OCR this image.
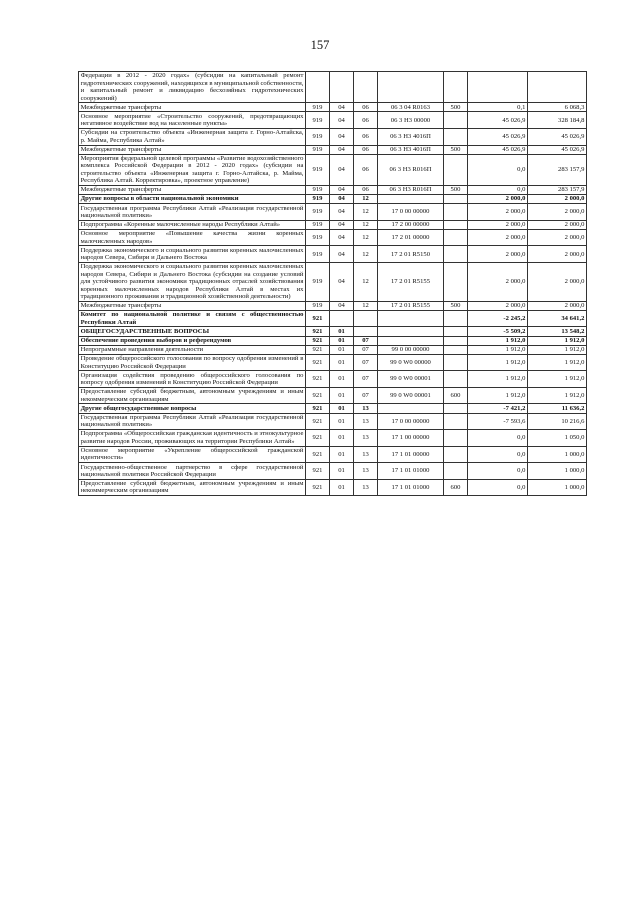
157
Федерации в 2012 - 2020 годах» (субсидии на капитальный ремонт гидротехнических сооружений, находящихся в муниципальной собственности, и капитальный ремонт и ликвидацию бесхозяйных гидротехнических сооружений)							
Межбюджетные трансферты	919	04	06	06 3 04 R0163	500	0,1	6 068,3
Основное мероприятие «Строительство сооружений, предотвращающих негативное воздействие вод на населенные пункты»	919	04	06	06 3 Н3 00000		45 026,9	328 184,8
Субсидии на строительство объекта «Инженерная защита г. Горно-Алтайска, р. Майма, Республика Алтай»	919	04	06	06 3 Н3 4016П		45 026,9	45 026,9
Межбюджетные трансферты	919	04	06	06 3 Н3 4016П	500	45 026,9	45 026,9
Мероприятия федеральной целевой программы «Развитие водохозяйственного комплекса Российской Федерации в 2012 - 2020 годах» (субсидии на строительство объекта «Инженерная защита г. Горно-Алтайска, р. Майма, Республика Алтай. Корректировка», проектное управление)	919	04	06	06 3 Н3 R016П		0,0	283 157,9
Межбюджетные трансферты	919	04	06	06 3 Н3 R016П	500	0,0	283 157,9
Другие вопросы в области национальной экономики	919	04	12			2 000,0	2 000,0
Государственная программа Республики Алтай «Реализация государственной национальной политики»	919	04	12	17 0 00 00000		2 000,0	2 000,0
Подпрограмма «Коренные малочисленные народы Республики Алтай»	919	04	12	17 2 00 00000		2 000,0	2 000,0
Основное мероприятие «Повышение качества жизни коренных малочисленных народов»	919	04	12	17 2 01 00000		2 000,0	2 000,0
Поддержка экономического и социального развития коренных малочисленных народов Севера, Сибири и Дальнего Востока	919	04	12	17 2 01 R5150		2 000,0	2 000,0
Поддержка экономического и социального развития коренных малочисленных народов Севера, Сибири и Дальнего Востока (субсидии на создание условий для устойчивого развития экономики традиционных отраслей хозяйствования коренных малочисленных народов Республики Алтай в местах их традиционного проживания и традиционной хозяйственной деятельности)	919	04	12	17 2 01 R5155		2 000,0	2 000,0
Межбюджетные трансферты	919	04	12	17 2 01 R5155	500	2 000,0	2 000,0
Комитет по национальной политике и связям с общественностью Республики Алтай	921					-2 245,2	34 641,2
ОБЩЕГОСУДАРСТВЕННЫЕ ВОПРОСЫ	921	01				-5 509,2	13 548,2
Обеспечение проведения выборов и референдумов	921	01	07			1 912,0	1 912,0
Непрограммные направления деятельности	921	01	07	99 0 00 00000		1 912,0	1 912,0
Проведение общероссийского голосования по вопросу одобрения изменений в Конституцию Российской Федерации	921	01	07	99 0 W0 00000		1 912,0	1 912,0
Организация содействия проведению общероссийского голосования по вопросу одобрения изменений в Конституцию Российской Федерации	921	01	07	99 0 W0 00001		1 912,0	1 912,0
Предоставление субсидий бюджетным, автономным учреждениям и иным некоммерческим организациям	921	01	07	99 0 W0 00001	600	1 912,0	1 912,0
Другие общегосударственные вопросы	921	01	13			-7 421,2	11 636,2
Государственная программа Республики Алтай «Реализация государственной национальной политики»	921	01	13	17 0 00 00000		-7 593,6	10 216,6
Подпрограмма «Общероссийская гражданская идентичность и этнокультурное развитие народов России, проживающих на территории Республики Алтай»	921	01	13	17 1 00 00000		0,0	1 050,0
Основное мероприятие «Укрепление общероссийской гражданской идентичности»	921	01	13	17 1 01 00000		0,0	1 000,0
Государственно-общественное партнерство в сфере государственной национальной политики Российской Федерации	921	01	13	17 1 01 01000		0,0	1 000,0
Предоставление субсидий бюджетным, автономным учреждениям и иным некоммерческим организациям	921	01	13	17 1 01 01000	600	0,0	1 000,0
